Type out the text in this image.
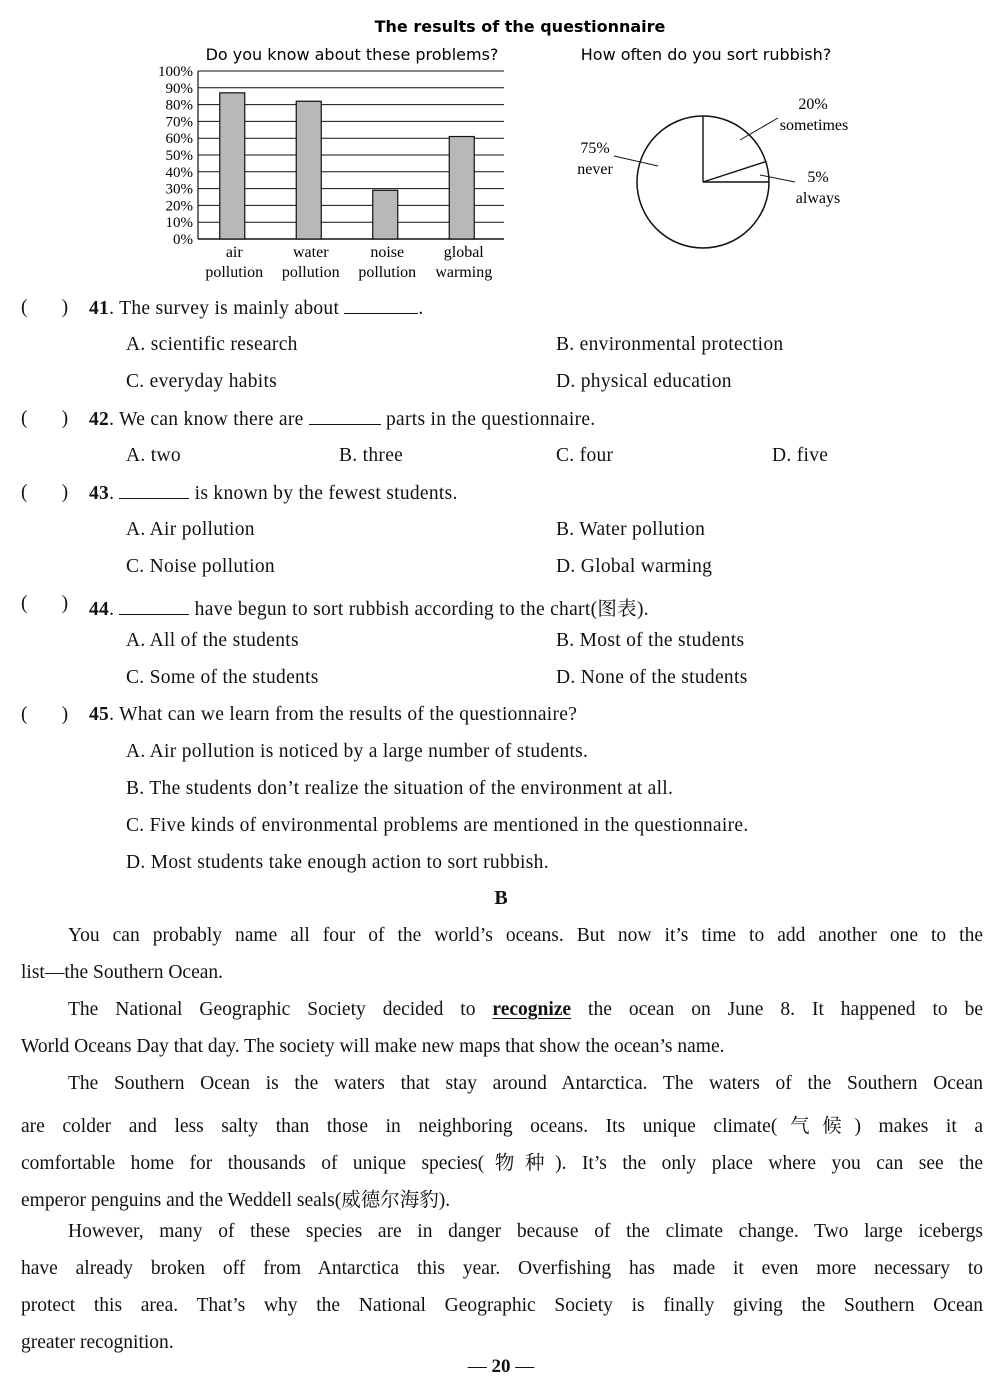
The results of the questionnaire
Do you know about these problems?
0%
10%
20%
30%
40%
50%
60%
70%
80%
90%
100%
air
pollution
water
pollution
noise
pollution
global
warming
How often do you sort rubbish?
20%
sometimes
75%
never	5%
always
(       ) 41. The survey is mainly about	.
A. scientific research	B. environmental protection
C. everyday habits	D. physical education
(       ) 42. We can know there are	parts in the questionnaire.
A. two	B. three	C. four	D. five
(       ) 43.	is known by the fewest students.
A. Air pollution	B. Water pollution
C. Noise pollution	D. Global warming
(       ) 44.	have begun to sort rubbish according to the chart(图表).
A. All of the students	B. Most of the students
C. Some of the students	D. None of the students
(       ) 45. What can we learn from the results of the questionnaire?
A. Air pollution is noticed by a large number of students.
B. The students don’t realize the situation of the environment at all.
C. Five kinds of environmental problems are mentioned in the questionnaire.
D. Most students take enough action to sort rubbish.
B
You can probably name all four of the world’s oceans. But now it’s time to add another one to the
list—the Southern Ocean.
The National Geographic Society decided to recognize the ocean on June 8. It happened to be
World Oceans Day that day. The society will make new maps that show the ocean’s name.
The Southern Ocean is the waters that stay around Antarctica. The waters of the Southern Ocean
are colder and less salty than those in neighboring oceans. Its unique climate(气候) makes it a
comfortable home for thousands of unique species(物种). It’s the only place where you can see the
emperor penguins and the Weddell seals(威德尔海豹).
However, many of these species are in danger because of the climate change. Two large icebergs
have already broken off from Antarctica this year. Overfishing has made it even more necessary to
protect this area. That’s why the National Geographic Society is finally giving the Southern Ocean
greater recognition.
— 20 —
